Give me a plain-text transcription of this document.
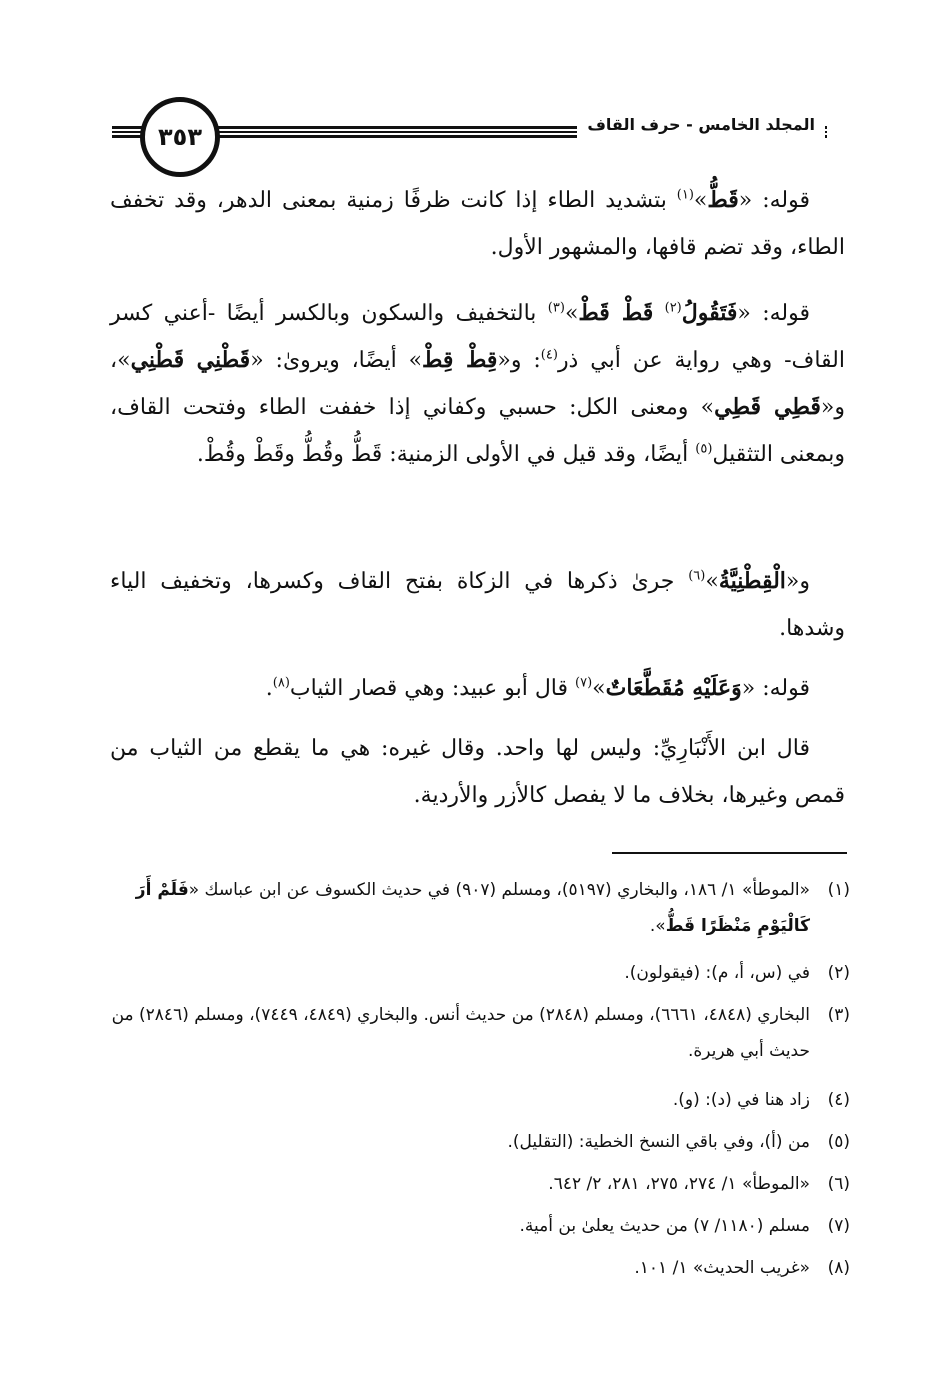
المجلد الخامس - حرف القاف
٣٥٣

قوله: «قَطُّ»$^{(١)}$ بتشديد الطاء إذا كانت ظرفًا زمنية بمعنى الدهر، وقد تخفف الطاء، وقد تضم قافها، والمشهور الأول.

قوله: «فَتَقُولُ$^{(٢)}$ قَطْ قَطْ»$^{(٣)}$ بالتخفيف والسكون وبالكسر أيضًا -أعني كسر القاف- وهي رواية عن أبي ذر$^{(٤)}$: و«قِطْ قِطْ» أيضًا، ويروىٰ: «قَطْنِي قَطْنِي»، و«قَطِي قَطِي» ومعنى الكل: حسبي وكفاني إذا خففت الطاء وفتحت القاف، وبمعنى التثقيل$^{(٥)}$ أيضًا، وقد قيل في الأولى الزمنية: قَطُّ وقُطُّ وقَطْ وقُطْ.

و«الْقِطْنِيَّةُ»$^{(٦)}$ جرىٰ ذكرها في الزكاة بفتح القاف وكسرها، وتخفيف الياء وشدها.

قوله: «وَعَلَيْهِ مُقَطَّعَاتٌ»$^{(٧)}$ قال أبو عبيد: وهي قصار الثياب$^{(٨)}$.

قال ابن الأَنْبَارِيِّ: وليس لها واحد. وقال غيره: هي ما يقطع من الثياب من قمص وغيرها، بخلاف ما لا يفصل كالأزر والأردية.

(١)
«الموطأ» ١/ ١٨٦، والبخاري (٥١٩٧)، ومسلم (٩٠٧) في حديث الكسوف عن ابن عباسك «فَلَمْ أَرَ كَالْيَوْمِ مَنْظَرًا قَطُّ».
(٢)
في (س، أ، م): (فيقولون).
(٣)
البخاري (٤٨٤٨، ٦٦٦١)، ومسلم (٢٨٤٨) من حديث أنس. والبخاري (٤٨٤٩، ٧٤٤٩)، ومسلم (٢٨٤٦) من حديث أبي هريرة.
(٤)
زاد هنا في (د): (و).
(٥)
من (أ)، وفي باقي النسخ الخطية: (التقليل).
(٦)
«الموطأ» ١/ ٢٧٤، ٢٧٥، ٢٨١، ٢/ ٦٤٢.
(٧)
مسلم (١١٨٠/ ٧) من حديث يعلىٰ بن أمية.
(٨)
«غريب الحديث» ١/ ١٠١.
